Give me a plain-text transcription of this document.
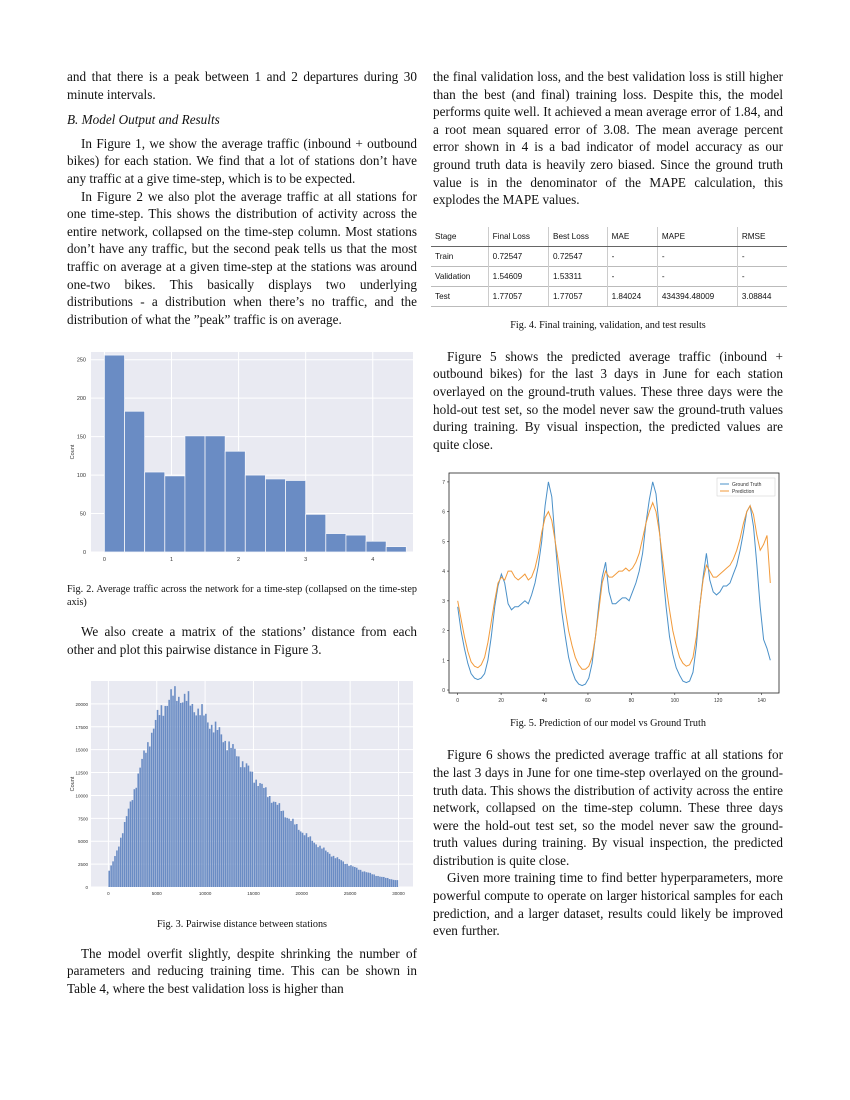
and that there is a peak between 1 and 2 departures during 30 minute intervals.

B. Model Output and Results

In Figure 1, we show the average traffic (inbound + outbound bikes) for each station. We find that a lot of stations don’t have any traffic at a give time-step, which is to be expected.

In Figure 2 we also plot the average traffic at all stations for one time-step. This shows the distribution of activity across the entire network, collapsed on the time-step column. Most stations don’t have any traffic, but the second peak tells us that the most traffic on average at a given time-step at the stations was around one-two bikes. This basically displays two underlying distributions - a distribution when there’s no traffic, and the distribution of what the ”peak” traffic is on average.

0
50
100
150
200
250
0	1	2	3	4
Count

Fig. 2. Average traffic across the network for a time-step (collapsed on the time-step axis)

We also create a matrix of the stations’ distance from each other and plot this pairwise distance in Figure 3.

0
2500
5000
7500
10000
12500
15000
17500
20000
0	5000	10000	15000	20000	25000	30000
Count

Fig. 3. Pairwise distance between stations

The model overfit slightly, despite shrinking the number of parameters and reducing training time. This can be shown in Table 4, where the best validation loss is higher than

the final validation loss, and the best validation loss is still higher than the best (and final) training loss. Despite this, the model performs quite well. It achieved a mean average error of 1.84, and a root mean squared error of 3.08. The mean average percent error shown in 4 is a bad indicator of model accuracy as our ground truth data is heavily zero biased. Since the ground truth value is in the denominator of the MAPE calculation, this explodes the MAPE values.

Stage	Final Loss	Best Loss	MAE	MAPE	RMSE
Train	0.72547	0.72547	-	-	-
Validation	1.54609	1.53311	-	-	-
Test	1.77057	1.77057	1.84024	434394.48009	3.08844

Fig. 4. Final training, validation, and test results

Figure 5 shows the predicted average traffic (inbound + outbound bikes) for the last 3 days in June for each station overlayed on the ground-truth values. These three days were the hold-out test set, so the model never saw the ground-truth values during training. By visual inspection, the predicted values are quite close.

0
1
2
3
4
5
6
7
0	20	40	60	80	100	120	140
Ground Truth
Prediction

Fig. 5. Prediction of our model vs Ground Truth

Figure 6 shows the predicted average traffic at all stations for the last 3 days in June for one time-step overlayed on the ground-truth data. This shows the distribution of activity across the entire network, collapsed on the time-step column. These three days were the hold-out test set, so the model never saw the ground-truth values during training. By visual inspection, the predicted distribution is quite close.

Given more training time to find better hyperparameters, more powerful compute to operate on larger historical samples for each prediction, and a larger dataset, results could likely be improved even further.
